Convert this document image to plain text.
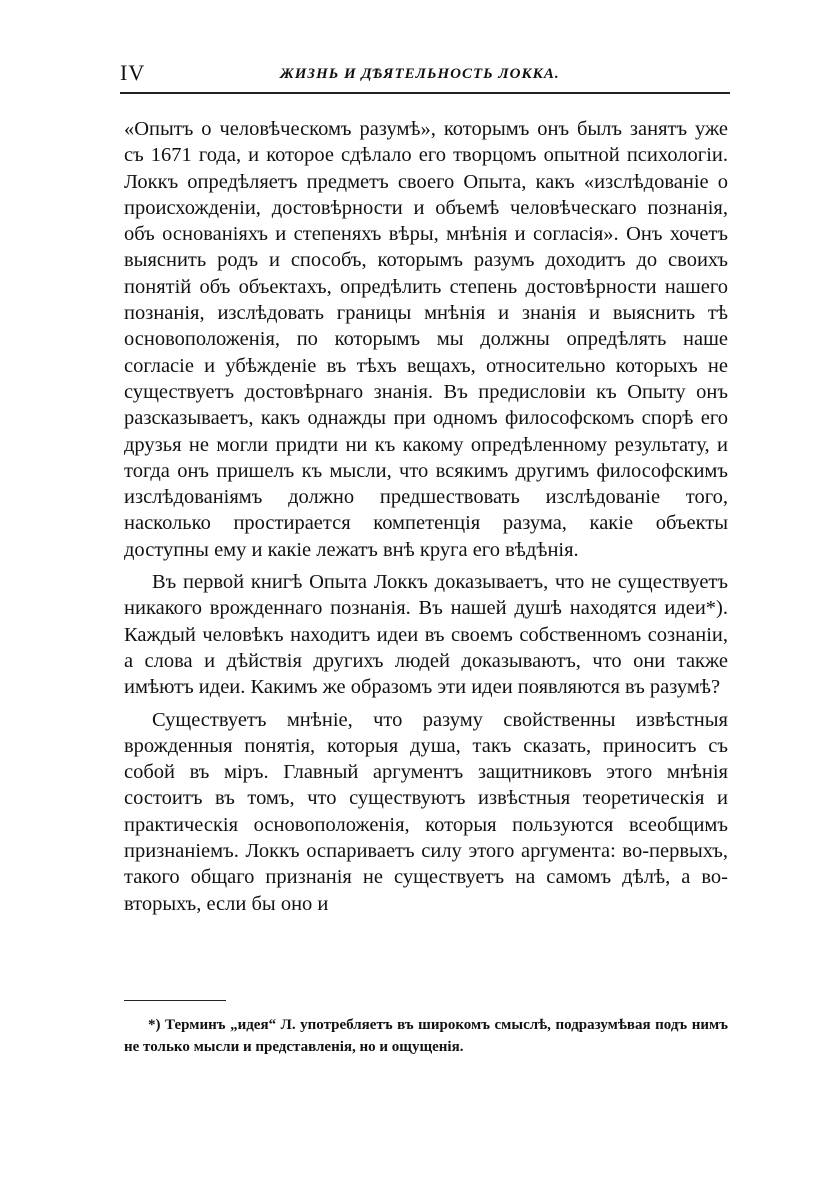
IV	ЖИЗНЬ И ДѢЯТЕЛЬНОСТЬ ЛОККА.

«Опытъ о человѣческомъ разумѣ», которымъ онъ былъ занятъ уже съ 1671 года, и которое сдѣлало его творцомъ опытной психологіи. Локкъ опредѣляетъ предметъ своего Опыта, какъ «изслѣдованіе о происхожденіи, достовѣрности и объемѣ человѣческаго познанія, объ основаніяхъ и степеняхъ вѣры, мнѣнія и согласія». Онъ хочетъ выяснить родъ и способъ, которымъ разумъ доходитъ до своихъ понятій объ объектахъ, опредѣлить степень достовѣрности нашего познанія, изслѣдовать границы мнѣнія и знанія и выяснить тѣ основоположенія, по которымъ мы должны опредѣлять наше согласіе и убѣжденіе въ тѣхъ вещахъ, относительно которыхъ не существуетъ достовѣрнаго знанія. Въ предисловіи къ Опыту онъ разсказываетъ, какъ однажды при одномъ философскомъ спорѣ его друзья не могли придти ни къ какому опредѣленному результату, и тогда онъ пришелъ къ мысли, что всякимъ другимъ философскимъ изслѣдованіямъ должно предшествовать изслѣдованіе того, насколько простирается компетенція разума, какіе объекты доступны ему и какіе лежатъ внѣ круга его вѣдѣнія.

Въ первой книгѣ Опыта Локкъ доказываетъ, что не существуетъ никакого врожденнаго познанія. Въ нашей душѣ находятся идеи*). Каждый человѣкъ находитъ идеи въ своемъ собственномъ сознаніи, а слова и дѣйствія другихъ людей доказываютъ, что они также имѣютъ идеи. Какимъ же образомъ эти идеи появляются въ разумѣ?

Существуетъ мнѣніе, что разуму свойственны извѣстныя врожденныя понятія, которыя душа, такъ сказать, приноситъ съ собой въ міръ. Главный аргументъ защитниковъ этого мнѣнія состоитъ въ томъ, что существуютъ извѣстныя теоретическія и практическія основоположенія, которыя пользуются всеобщимъ признаніемъ. Локкъ оспариваетъ силу этого аргумента: во-первыхъ, такого общаго признанія не существуетъ на самомъ дѣлѣ, а во-вторыхъ, если бы оно и

*) Терминъ „идея“ Л. употребляетъ въ широкомъ смыслѣ, подразумѣвая подъ нимъ не только мысли и представленія, но и ощущенія.
